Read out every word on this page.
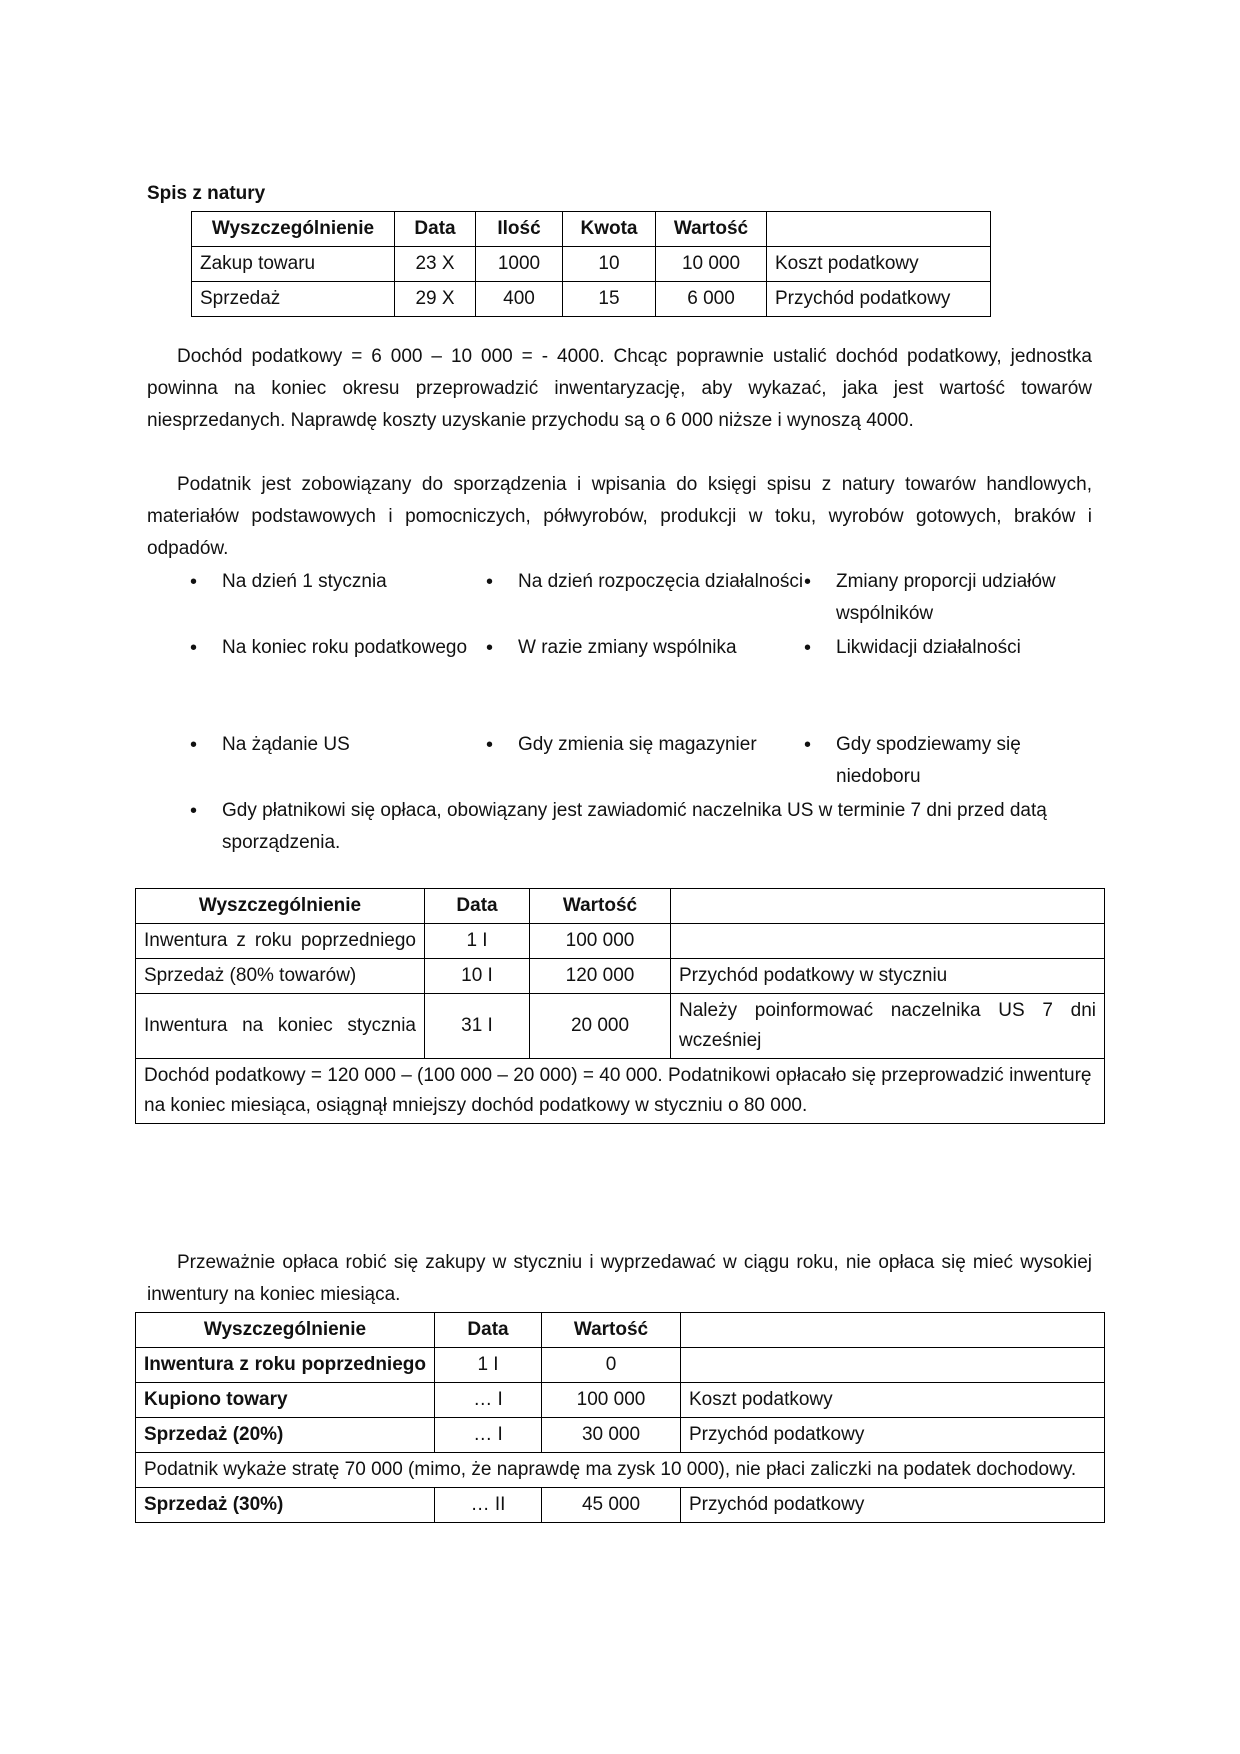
Spis z natury
Wyszczególnienie	Data	Ilość	Kwota	Wartość	
Zakup towaru	23 X	1000	10	10 000	Koszt podatkowy
Sprzedaż	29 X	400	15	6 000	Przychód podatkowy

Dochód podatkowy = 6 000 – 10 000 = - 4000. Chcąc poprawnie ustalić dochód podatkowy, jednostka powinna na koniec okresu przeprowadzić inwentaryzację, aby wykazać, jaka jest wartość towarów niesprzedanych. Naprawdę koszty uzyskanie przychodu są o 6 000 niższe i wynoszą 4000.

Podatnik jest zobowiązany do sporządzenia i wpisania do księgi spisu z natury towarów handlowych, materiałów podstawowych i pomocniczych, półwyrobów, produkcji w toku, wyrobów gotowych, braków i odpadów.

• Na dzień 1 stycznia	• Na dzień rozpoczęcia działalności	• Zmiany proporcji udziałów wspólników
• Na koniec roku podatkowego	• W razie zmiany wspólnika	• Likwidacji działalności
• Na żądanie US	• Gdy zmienia się magazynier	• Gdy spodziewamy się niedoboru
• Gdy płatnikowi się opłaca, obowiązany jest zawiadomić naczelnika US w terminie 7 dni przed datą sporządzenia.
Wyszczególnienie	Data	Wartość	
Inwentura z roku poprzedniego	1 I	100 000	
Sprzedaż (80% towarów)	10 I	120 000	Przychód podatkowy w styczniu
Inwentura na koniec stycznia	31 I	20 000	Należy poinformować naczelnika US 7 dni wcześniej
Dochód podatkowy = 120 000 – (100 000 – 20 000) = 40 000. Podatnikowi opłacało się przeprowadzić inwenturę na koniec miesiąca, osiągnął mniejszy dochód podatkowy w styczniu o 80 000.			

Przeważnie opłaca robić się zakupy w styczniu i wyprzedawać w ciągu roku, nie opłaca się mieć wysokiej inwentury na koniec miesiąca.

Wyszczególnienie	Data	Wartość	
Inwentura z roku poprzedniego	1 I	0	
Kupiono towary	… I	100 000	Koszt podatkowy
Sprzedaż (20%)	… I	30 000	Przychód podatkowy
Podatnik wykaże stratę 70 000 (mimo, że naprawdę ma zysk 10 000), nie płaci zaliczki na podatek dochodowy.			
Sprzedaż (30%)	… II	45 000	Przychód podatkowy
